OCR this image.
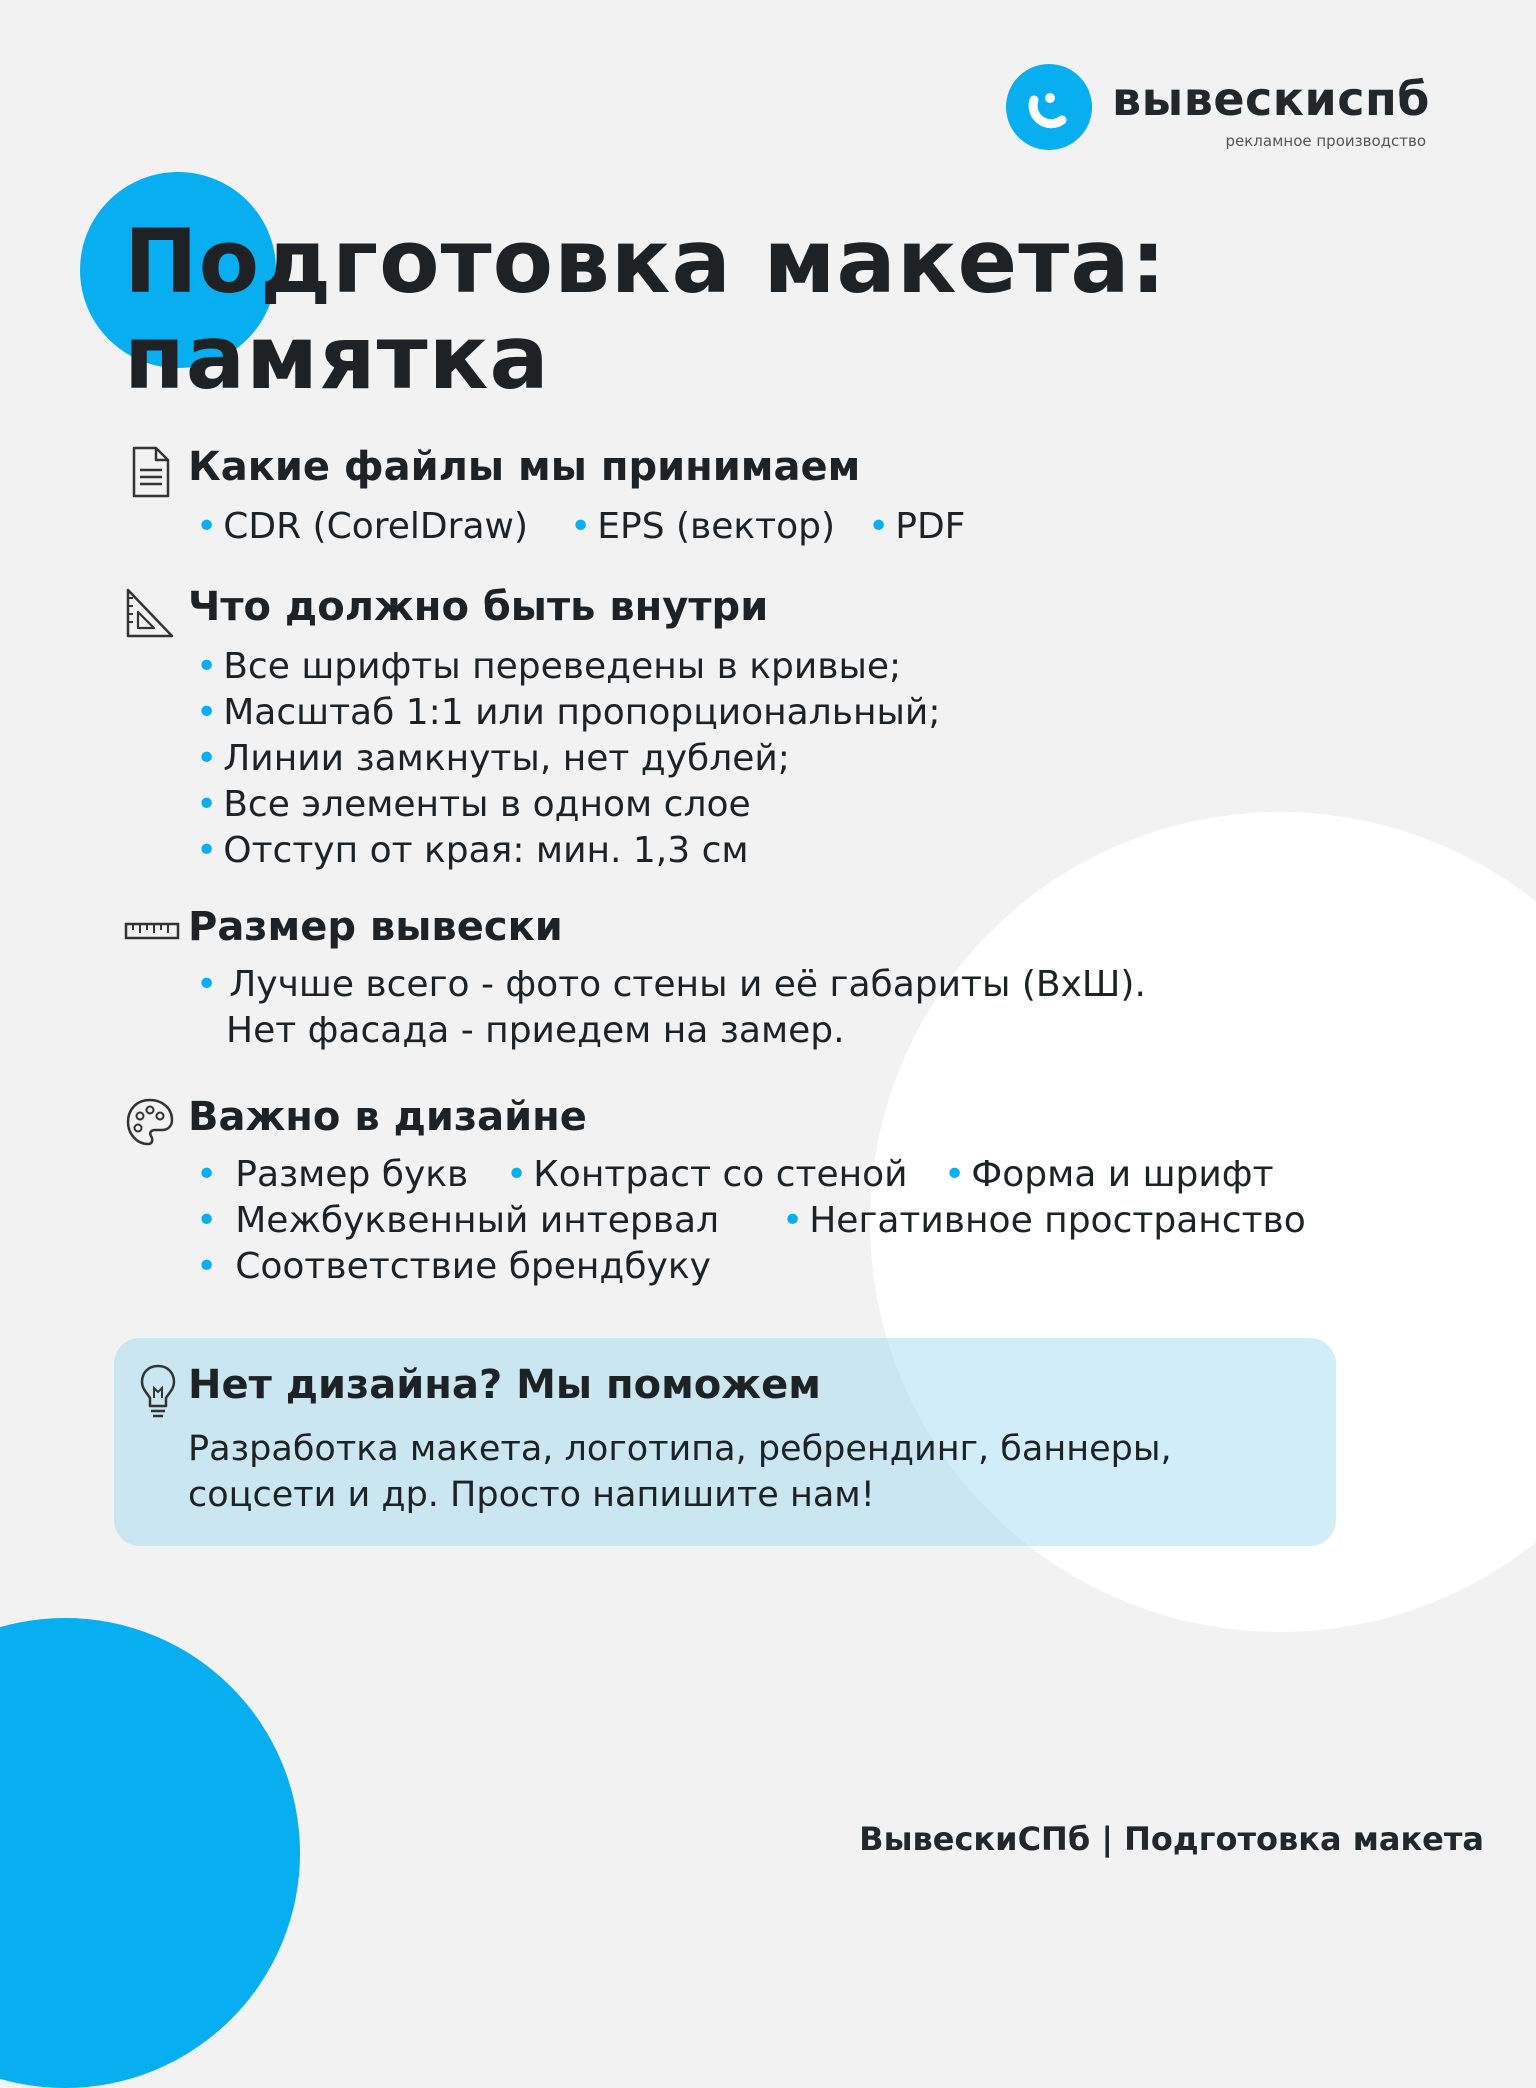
вывескиспб
рекламное производство
Подготовка макета: памятка
Какие файлы мы принимаем
• CDR (CorelDraw) • EPS (вектор) • PDF
Что должно быть внутри
• Все шрифты переведены в кривые;
• Масштаб 1:1 или пропорциональный;
• Линии замкнуты, нет дублей;
• Все элементы в одном слое
• Отступ от края: мин. 1,3 см
Размер вывески
• Лучше всего - фото стены и её габариты (ВхШ).
Нет фасада - приедем на замер.
Важно в дизайне
• Размер букв • Контраст со стеной • Форма и шрифт
• Межбуквенный интервал • Негативное пространство
• Соответствие брендбуку
Нет дизайна? Мы поможем
Разработка макета, логотипа, ребрендинг, баннеры, соцсети и др. Просто напишите нам!
ВывескиСПб | Подготовка макета
